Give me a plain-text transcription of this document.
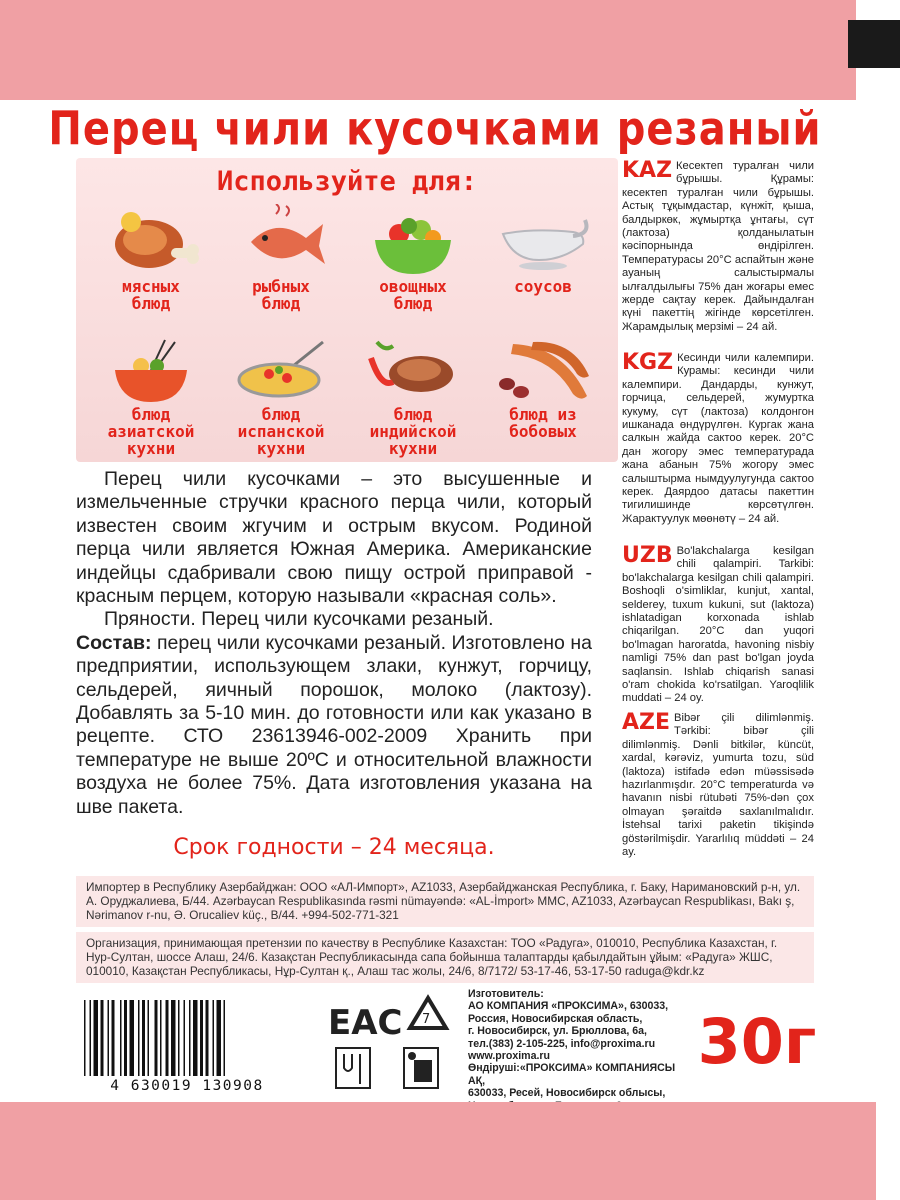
Перец чили кусочками резаный
Используйте для:
мясных
блюд
рыбных
блюд
овощных
блюд
соусов
блюд
азиатской
кухни
блюд
испанской
кухни
блюд
индийской
кухни
блюд из
бобовых

Перец чили кусочками – это высушенные и измельченные стручки красного перца чили, который известен своим жгучим и острым вкусом. Родиной перца чили является Южная Америка. Американские индейцы сдабривали свою пищу острой приправой - красным перцем, которую называли «красная соль».

Пряности. Перец чили кусочками резаный.

Состав: перец чили кусочками резаный. Изготовлено на предприятии, использующем злаки, кунжут, горчицу, сельдерей, яичный порошок, молоко (лактозу). Добавлять за 5-10 мин. до готовности или как указано в рецепте. СТО 23613946-002-2009 Хранить при температуре не выше 20ºС и относительной влажности воздуха не более 75%. Дата изготовления указана на шве пакета.

Срок годности – 24 месяца.
KAZ Кесектеп туралған чили бұрышы. Құрамы: кесектеп туралған чили бұрышы. Астық тұқымдастар, күнжіт, қыша, балдыркөк, жұмыртқа ұнтағы, сүт (лактоза) қолданылатын кәсіпорнында өндірілген. Температурасы 20°С аспайтын және ауаның салыстырмалы ылғалдылығы 75% дан жоғары емес жерде сақтау керек. Дайындалған күні пакеттің жігінде көрсетілген. Жарамдылық мерзімі – 24 ай.
KGZ Кесинди чили калемпири. Курамы: кесинди чили калемпири. Дандарды, кунжут, горчица, сельдерей, жумуртка кукуму, сүт (лактоза) колдонгон ишканада өндүрүлгөн. Кургак жана салкын жайда сактоо керек. 20°С дан жогору эмес температурада жана абанын 75% жогору эмес салыштырма нымдуулугунда сактоо керек. Даярдоо датасы пакеттин тигилишинде көрсөтүлгөн. Жарактуулук мөөнөтү – 24 ай.
UZB Bo'lakchalarga kesilgan chili qalampiri. Tarkibi: bo'lakchalarga kesilgan chili qalampiri. Boshoqli o'simliklar, kunjut, xantal, selderey, tuxum kukuni, sut (laktoza) ishlatadigan korxonada ishlab chiqarilgan. 20°C dan yuqori bo'lmagan haroratda, havoning nisbiy namligi 75% dan past bo'lgan joyda saqlansin. Ishlab chiqarish sanasi o'ram chokida ko'rsatilgan. Yaroqlilik muddati – 24 oy.
AZE Bibər çili dilimlənmiş. Tərkibi: bibər çili dilimlənmiş. Dənli bitkilər, küncüt, xardal, kərəviz, yumurta tozu, süd (laktoza) istifadə edən müəssisədə hazırlanmışdır. 20°C temperaturda və havanın nisbi rütubəti 75%-dən çox olmayan şəraitdə saxlanılmalıdır. İstehsal tarixi paketin tikişində göstərilmişdir. Yararlılıq müddəti – 24 ay.
Импортер в Республику Азербайджан: ООО «АЛ-Импорт», AZ1033, Азербайджанская Республика, г. Баку, Наримановский р-н, ул. А. Оруджалиева, Б/44. Azərbaycan Respublikasında rəsmi nümayəndə: «AL-İmport» MMC, AZ1033, Azərbaycan Respublikası, Bakı ş, Nərimanov r-nu, Ə. Orucaliev küç., B/44. +994-502-771-321
Организация, принимающая претензии по качеству в Республике Казахстан: ТОО «Радуга», 010010, Республика Казахстан, г. Нур-Султан, шоссе Алаш, 24/6. Казақстан Республикасында сапа бойынша талаптарды қабылдайтын ұйым: «Радуга» ЖШС, 010010, Казақстан Республикасы, Нұр-Султан қ., Алаш тас жолы, 24/6, 8/7172/ 53-17-46, 53-17-50 raduga@kdr.kz
4 630019 130908
EAC 7
Изготовитель:
АО КОМПАНИЯ «ПРОКСИМА», 630033,
Россия, Новосибирская область,
г. Новосибирск, ул. Брюллова, 6а,
тел.(383) 2-105-225, info@proxima.ru
www.proxima.ru
Өндіруші:«ПРОКСИМА» КОМПАНИЯСЫ АҚ,
630033, Ресей, Новосибирск облысы,

30г
